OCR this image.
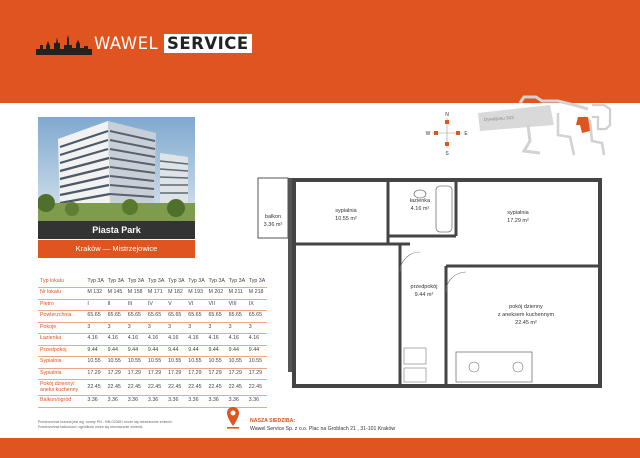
WAWEL SERVICE
Piasta Park
Kraków — Mistrzejowice
Typ lokalu	Typ 3A	Typ 3A	Typ 3A	Typ 3A	Typ 3A	Typ 3A	Typ 3A	Typ 3A	Typ 3A
Nr lokalu	M 132	M 145	M 158	M 171	M 182	M 193	M 202	M 211	M 218
Piętro	I	II	III	IV	V	VI	VII	VIII	IX
Powierzchnia	65.65	65.65	65.65	65.65	65.65	65.65	65.65	65.65	65.65
Pokoje	3	3	3	3	3	3	3	3	3
Łazienka	4.16	4.16	4.16	4.16	4.16	4.16	4.16	4.16	4.16
Przedpokój	9.44	9.44	9.44	9.44	9.44	9.44	9.44	9.44	9.44
Sypialnia	10.55	10.55	10.55	10.55	10.55	10.55	10.55	10.55	10.55
Sypialnia	17.29	17.29	17.29	17.29	17.29	17.29	17.29	17.29	17.29
Pokój dzienny/ aneks kuchenny	22.45	22.45	22.45	22.45	22.45	22.45	22.45	22.45	22.45
Balkon/ogród	3.36	3.36	3.36	3.36	3.36	3.36	3.36	3.36	3.36
N
S
W	E
Dywizjonu 303
balkon
3.36 m²
sypialnia
10.55 m²
łazienka
4.16 m²
sypialnia
17.29 m²
przedpokój
9.44 m²
pokój dzienny
z aneksem kuchennym
22.45 m²
Powierzchnia liczona jest wg. normy PN - 9/B-02365 i może się nieznacznie zmienić.
Powierzchnia balkonów i ogródków może się nieznacznie zmienić.
NASZA SIEDZIBA:
Wawel Service Sp. z o.o. Plac na Groblach 21 , 31-101 Kraków
